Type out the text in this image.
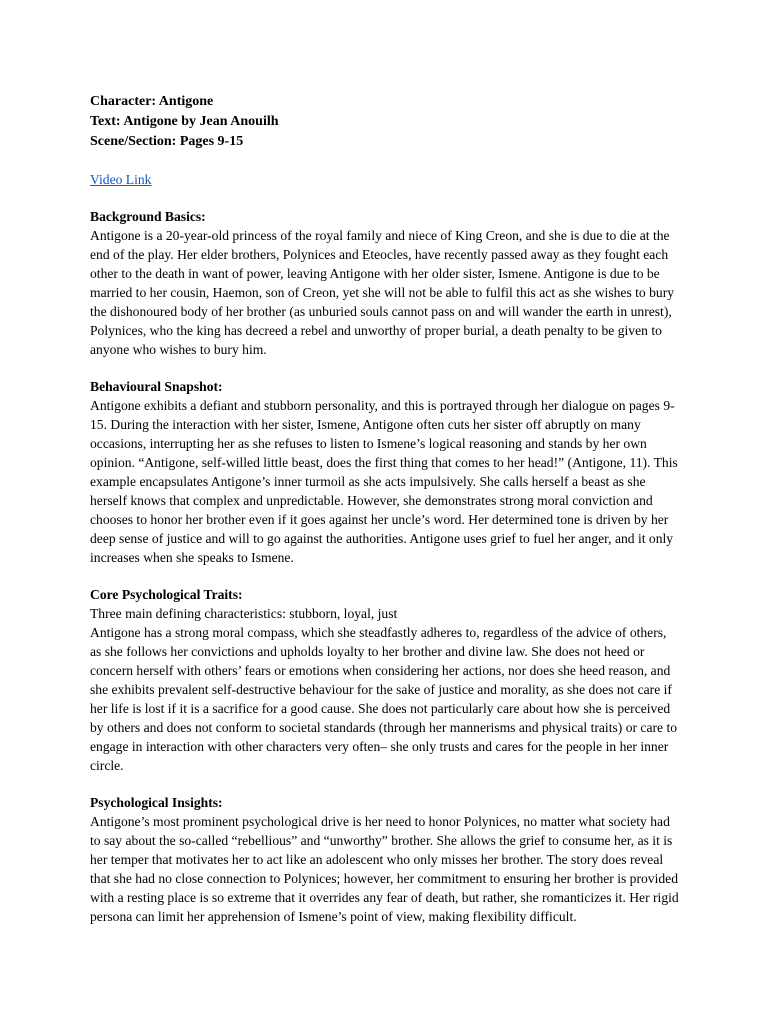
Character: Antigone

Text: Antigone by Jean Anouilh

Scene/Section: Pages 9-15

Video Link

Background Basics:

Antigone is a 20-year-old princess of the royal family and niece of King Creon, and she is due to die at the end of the play. Her elder brothers, Polynices and Eteocles, have recently passed away as they fought each other to the death in want of power, leaving Antigone with her older sister, Ismene. Antigone is due to be married to her cousin, Haemon, son of Creon, yet she will not be able to fulfil this act as she wishes to bury the dishonoured body of her brother (as unburied souls cannot pass on and will wander the earth in unrest), Polynices, who the king has decreed a rebel and unworthy of proper burial, a death penalty to be given to anyone who wishes to bury him.

Behavioural Snapshot:

Antigone exhibits a defiant and stubborn personality, and this is portrayed through her dialogue on pages 9-15. During the interaction with her sister, Ismene, Antigone often cuts her sister off abruptly on many occasions, interrupting her as she refuses to listen to Ismene’s logical reasoning and stands by her own opinion. “Antigone, self-willed little beast, does the first thing that comes to her head!” (Antigone, 11). This example encapsulates Antigone’s inner turmoil as she acts impulsively. She calls herself a beast as she herself knows that complex and unpredictable. However, she demonstrates strong moral conviction and chooses to honor her brother even if it goes against her uncle’s word. Her determined tone is driven by her deep sense of justice and will to go against the authorities. Antigone uses grief to fuel her anger, and it only increases when she speaks to Ismene.

Core Psychological Traits:

Three main defining characteristics: stubborn, loyal, just

Antigone has a strong moral compass, which she steadfastly adheres to, regardless of the advice of others, as she follows her convictions and upholds loyalty to her brother and divine law. She does not heed or concern herself with others’ fears or emotions when considering her actions, nor does she heed reason, and she exhibits prevalent self-destructive behaviour for the sake of justice and morality, as she does not care if her life is lost if it is a sacrifice for a good cause. She does not particularly care about how she is perceived by others and does not conform to societal standards (through her mannerisms and physical traits) or care to engage in interaction with other characters very often– she only trusts and cares for the people in her inner circle.

Psychological Insights:

Antigone’s most prominent psychological drive is her need to honor Polynices, no matter what society had to say about the so-called “rebellious” and “unworthy” brother. She allows the grief to consume her, as it is her temper that motivates her to act like an adolescent who only misses her brother. The story does reveal that she had no close connection to Polynices; however, her commitment to ensuring her brother is provided with a resting place is so extreme that it overrides any fear of death, but rather, she romanticizes it. Her rigid persona can limit her apprehension of Ismene’s point of view, making flexibility difficult.
